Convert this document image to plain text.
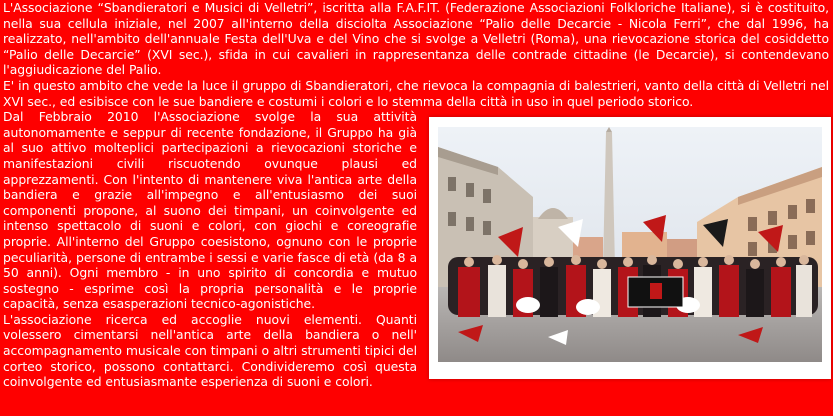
L'Associazione “Sbandieratori e Musici di Velletri”, iscritta alla F.A.F.IT. (Federazione Associazioni Folkloriche Italiane), si è costituito, nella sua cellula iniziale, nel 2007 all'interno della disciolta Associazione “Palio delle Decarcie - Nicola Ferri”, che dal 1996, ha realizzato, nell'ambito dell'annuale Festa dell'Uva e del Vino che si svolge a Velletri (Roma), una rievocazione storica del cosiddetto “Palio delle Decarcie” (XVI sec.), sfida in cui cavalieri in rappresentanza delle contrade cittadine (le Decarcie), si contendevano l'aggiudicazione del Palio.

E' in questo ambito che vede la luce il gruppo di Sbandieratori, che rievoca la compagnia di balestrieri, vanto della città di Velletri nel XVI sec., ed esibisce con le sue bandiere e costumi i colori e lo stemma della città in uso in quel periodo storico.

Dal Febbraio 2010 l'Associazione svolge la sua attività autonomamente e seppur di recente fondazione, il Gruppo ha già al suo attivo molteplici partecipazioni a rievocazioni storiche e manifestazioni civili riscuotendo ovunque plausi ed apprezzamenti. Con l'intento di mantenere viva l'antica arte della bandiera e grazie all'impegno e all'entusiasmo dei suoi componenti propone, al suono dei timpani, un coinvolgente ed intenso spettacolo di suoni e colori, con giochi e coreografie proprie. All'interno del Gruppo coesistono, ognuno con le proprie peculiarità, persone di entrambe i sessi e varie fasce di età (da 8 a 50 anni). Ogni membro - in uno spirito di concordia e mutuo sostegno - esprime così la propria personalità e le proprie capacità, senza esasperazioni tecnico-agonistiche.

L'associazione ricerca ed accoglie nuovi elementi. Quanti volessero cimentarsi nell'antica arte della bandiera o nell' accompagnamento musicale con timpani o altri strumenti tipici del corteo storico, possono contattarci. Condivideremo così questa coinvolgente ed entusiasmante esperienza di suoni e colori.
